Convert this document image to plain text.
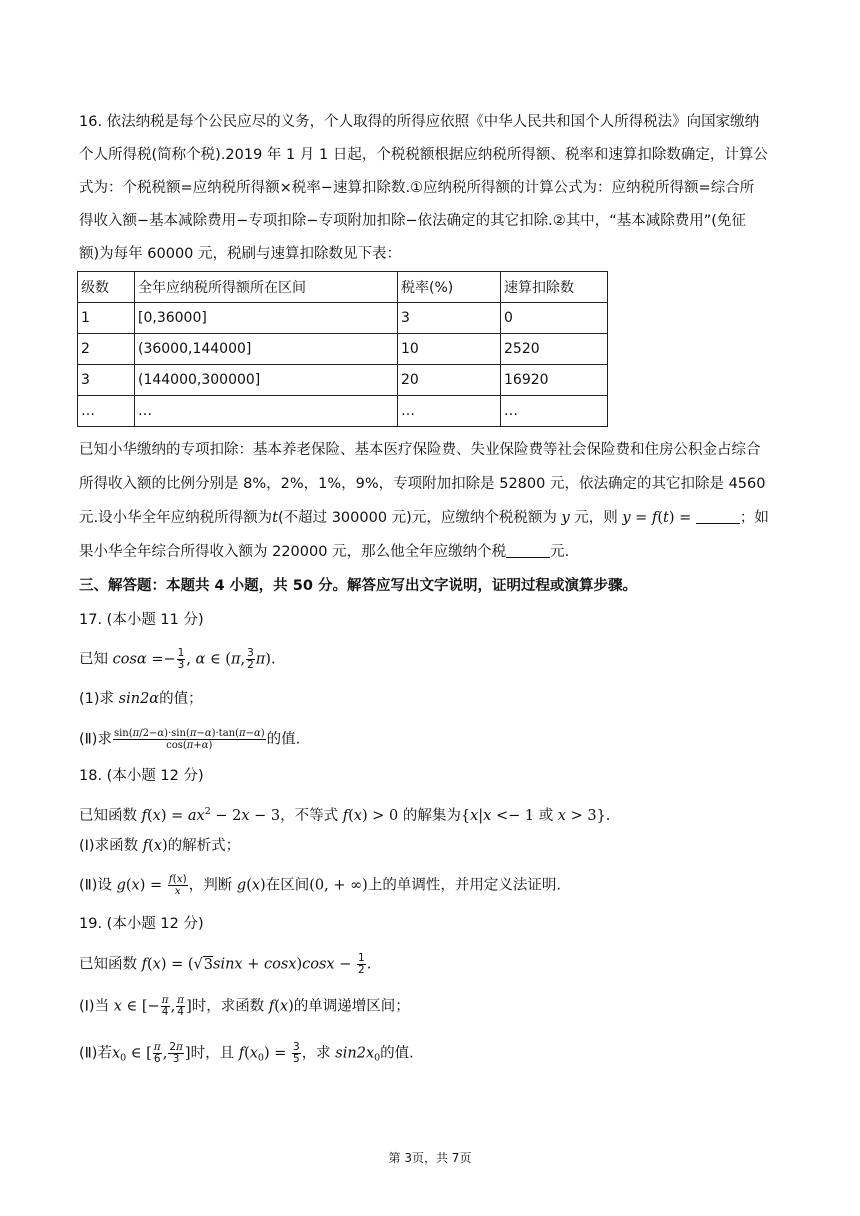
16. 依法纳税是每个公民应尽的义务，个人取得的所得应依照《中华人民共和国个人所得税法》向国家缴纳
个人所得税(简称个税).2019 年 1 月 1 日起，个税税额根据应纳税所得额、税率和速算扣除数确定，计算公
式为：个税税额=应纳税所得额×税率−速算扣除数.①应纳税所得额的计算公式为：应纳税所得额=综合所
得收入额−基本减除费用−专项扣除−专项附加扣除−依法确定的其它扣除.②其中，“基本减除费用”(免征
额)为每年 60000 元，税刷与速算扣除数见下表：
级数	全年应纳税所得额所在区间	税率(%)	速算扣除数
1	[0,36000]	3	0
2	(36000,144000]	10	2520
3	(144000,300000]	20	16920
…	…	…	…
已知小华缴纳的专项扣除：基本养老保险、基本医疗保险费、失业保险费等社会保险费和住房公积金占综合
所得收入额的比例分别是 8%，2%，1%，9%，专项附加扣除是 52800 元，依法确定的其它扣除是 4560
元.设小华全年应纳税所得额为t(不超过 300000 元)元，应缴纳个税税额为 y 元，则 y = f(t) =	；如
果小华全年综合所得收入额为 220000 元，那么他全年应缴纳个税	元.
三、解答题：本题共 4 小题，共 50 分。解答应写出文字说明，证明过程或演算步骤。
17. (本小题 11 分)
已知 $\cos\alpha =- \frac{1}{3}$ , α ∈ (π, $\frac{3}{2} \pi$).
(1)求 sin2α的值；
(Ⅱ)求 $\frac{\sin(\pi/2-\alpha)\cdot\sin(\pi-\alpha)\cdot\tan(\pi-\alpha)}{\cos(\pi+\alpha)}$ 的值.
18. (本小题 12 分)
已知函数 $f(x) = ax^2 - 2x - 3$，不等式 f(x) > 0 的解集为{x|x <− 1 或 x > 3}.
(Ⅰ)求函数 f(x)的解析式；
(Ⅱ)设 $g(x) = \frac{f(x)}{x}$ ，判断 g(x)在区间(0, + ∞)上的单调性，并用定义法证明.
19. (本小题 12 分)
已知函数 $f(x) = (√3\sin x + \cos x)\cos x - \frac{1}{2}$ .
(Ⅰ)当 x ∈ [− $\frac{\pi}{4}$ , $\frac{\pi}{4}$ ]时，求函数 f(x)的单调递增区间；
(Ⅱ)若$x_0$ ∈ [ $\frac{\pi}{6}$ , $\frac{2\pi}{3}$ ]时，且 $f(x_0) = \frac{3}{5}$ ，求 $\sin 2x_0$的值.
第 3页，共 7页
